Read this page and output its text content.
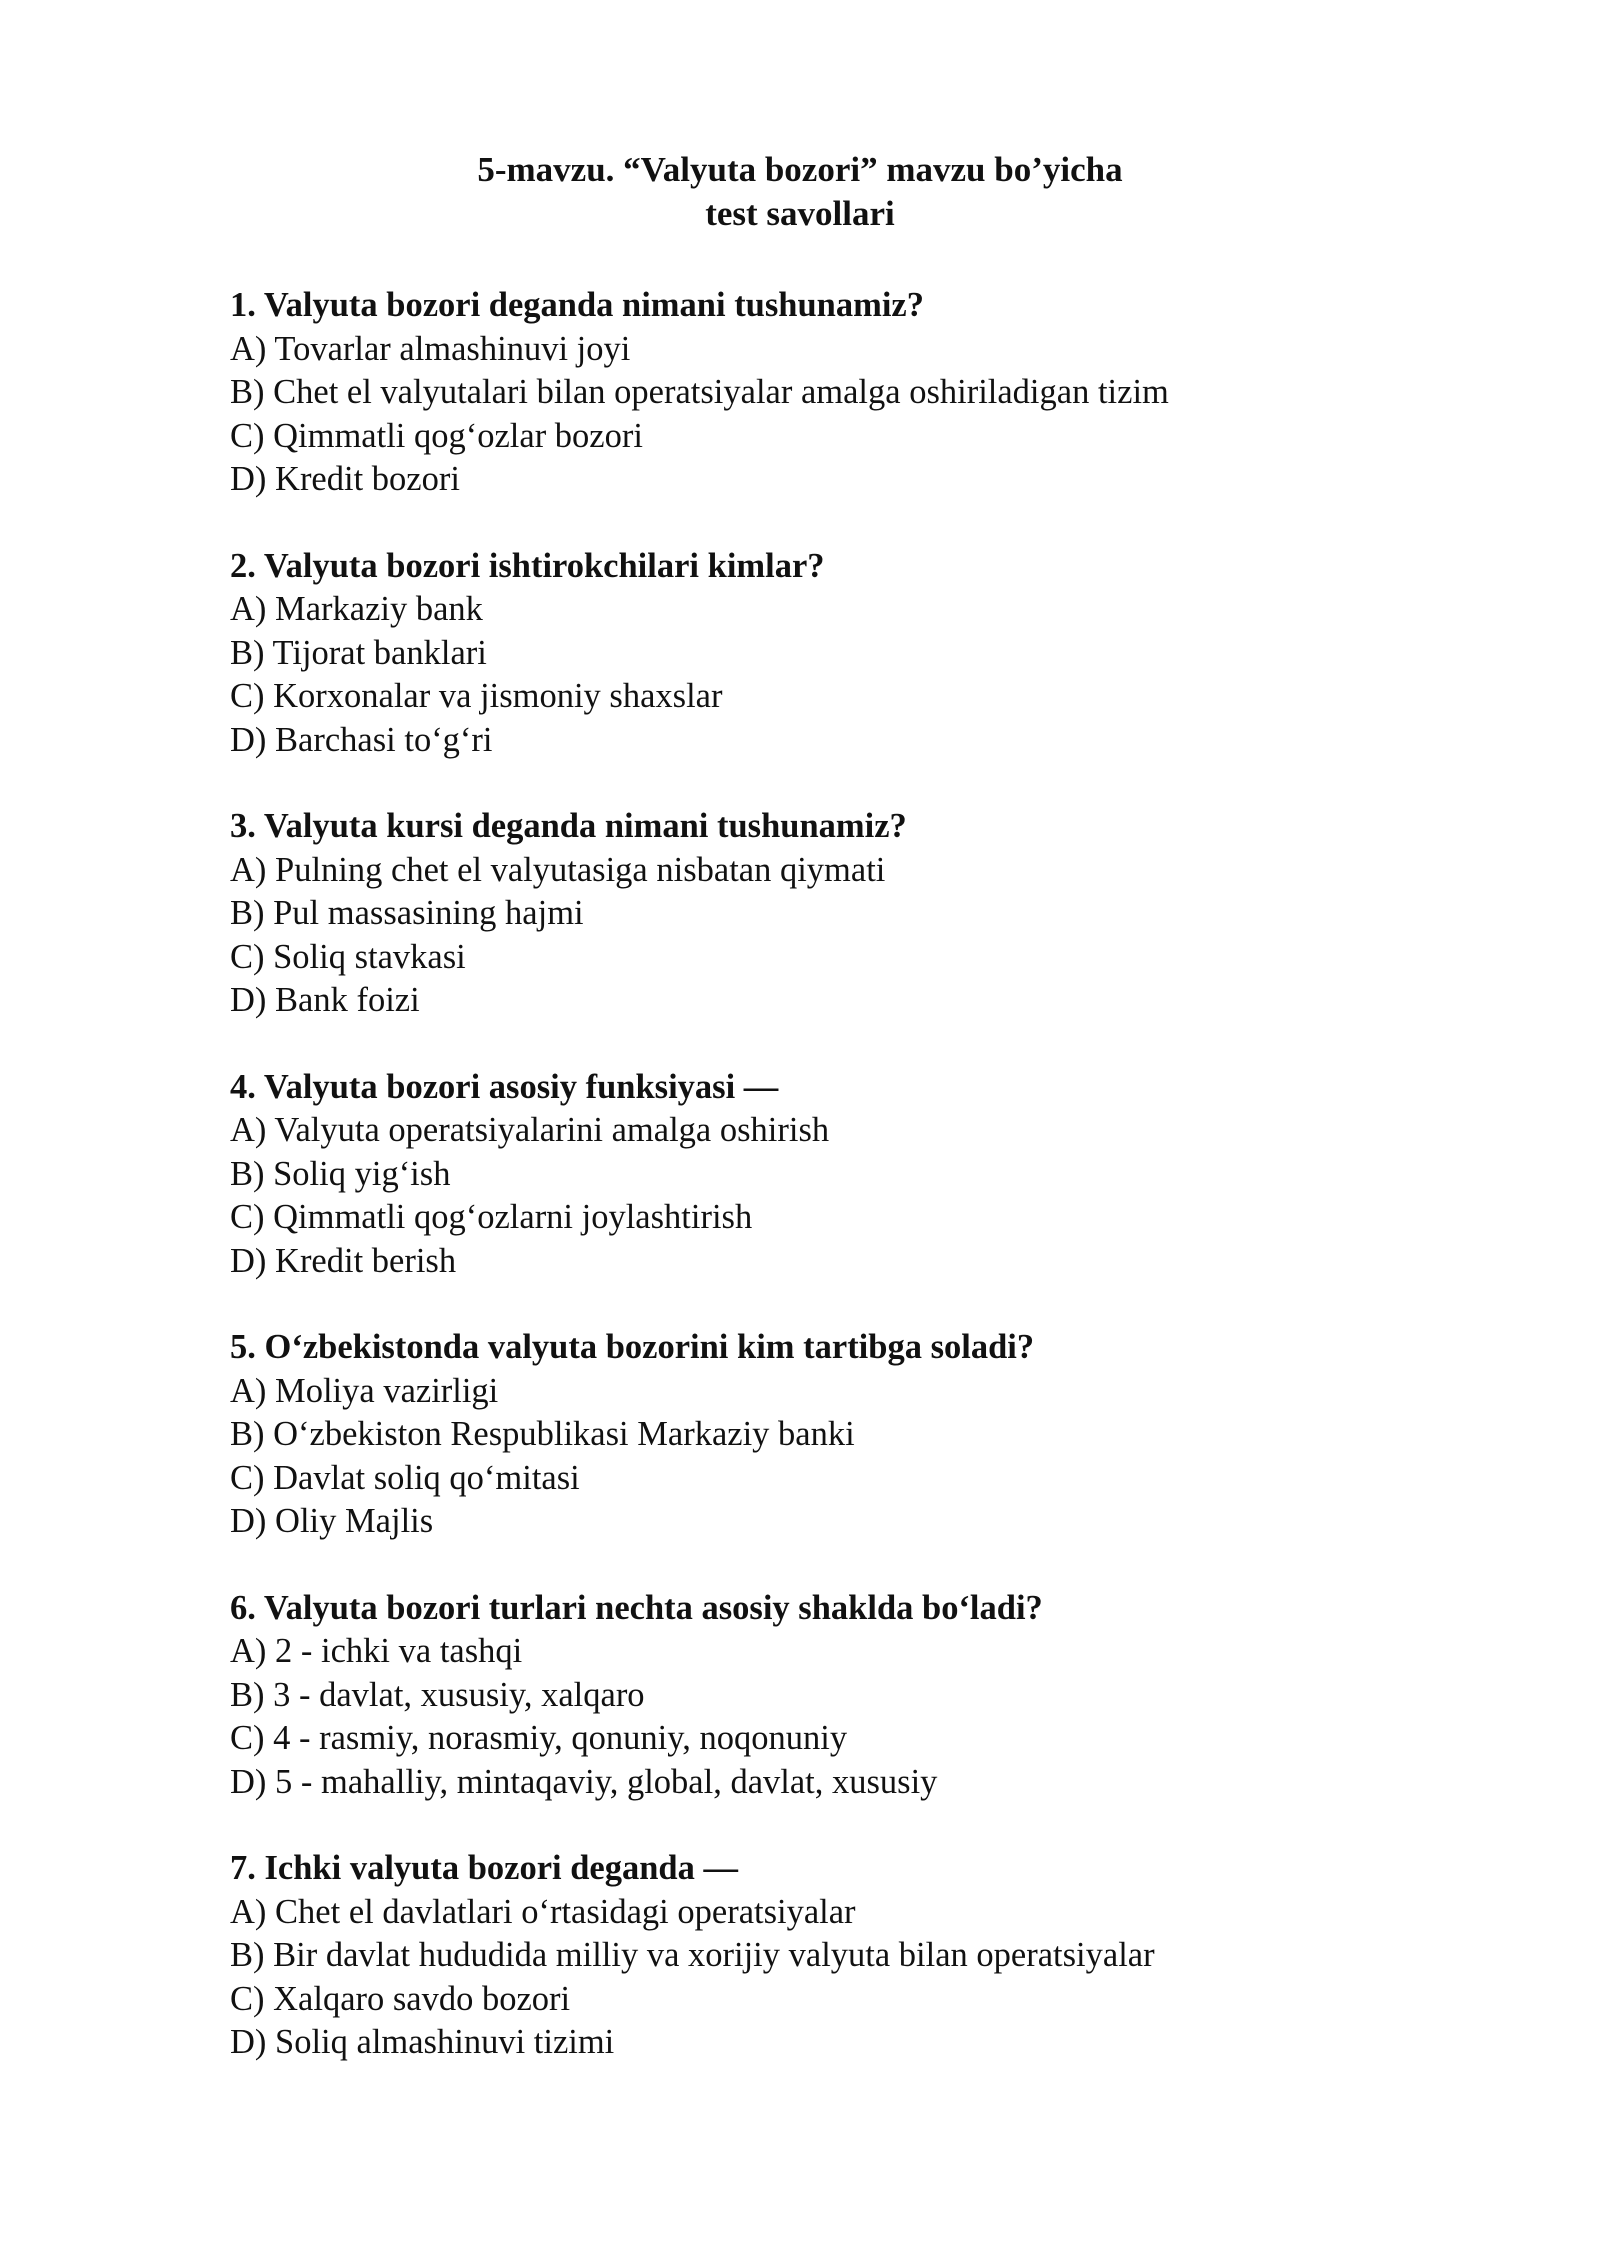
5-mavzu. “Valyuta bozori” mavzu bo’yicha
test savollari
1. Valyuta bozori deganda nimani tushunamiz?
A) Tovarlar almashinuvi joyi
B) Chet el valyutalari bilan operatsiyalar amalga oshiriladigan tizim
C) Qimmatli qog‘ozlar bozori
D) Kredit bozori
2. Valyuta bozori ishtirokchilari kimlar?
A) Markaziy bank
B) Tijorat banklari
C) Korxonalar va jismoniy shaxslar
D) Barchasi to‘g‘ri
3. Valyuta kursi deganda nimani tushunamiz?
A) Pulning chet el valyutasiga nisbatan qiymati
B) Pul massasining hajmi
C) Soliq stavkasi
D) Bank foizi
4. Valyuta bozori asosiy funksiyasi —
A) Valyuta operatsiyalarini amalga oshirish
B) Soliq yig‘ish
C) Qimmatli qog‘ozlarni joylashtirish
D) Kredit berish
5. O‘zbekistonda valyuta bozorini kim tartibga soladi?
A) Moliya vazirligi
B) O‘zbekiston Respublikasi Markaziy banki
C) Davlat soliq qo‘mitasi
D) Oliy Majlis
6. Valyuta bozori turlari nechta asosiy shaklda bo‘ladi?
A) 2 - ichki va tashqi
B) 3 - davlat, xususiy, xalqaro
C) 4 - rasmiy, norasmiy, qonuniy, noqonuniy
D) 5 - mahalliy, mintaqaviy, global, davlat, xususiy
7. Ichki valyuta bozori deganda —
A) Chet el davlatlari o‘rtasidagi operatsiyalar
B) Bir davlat hududida milliy va xorijiy valyuta bilan operatsiyalar
C) Xalqaro savdo bozori
D) Soliq almashinuvi tizimi
